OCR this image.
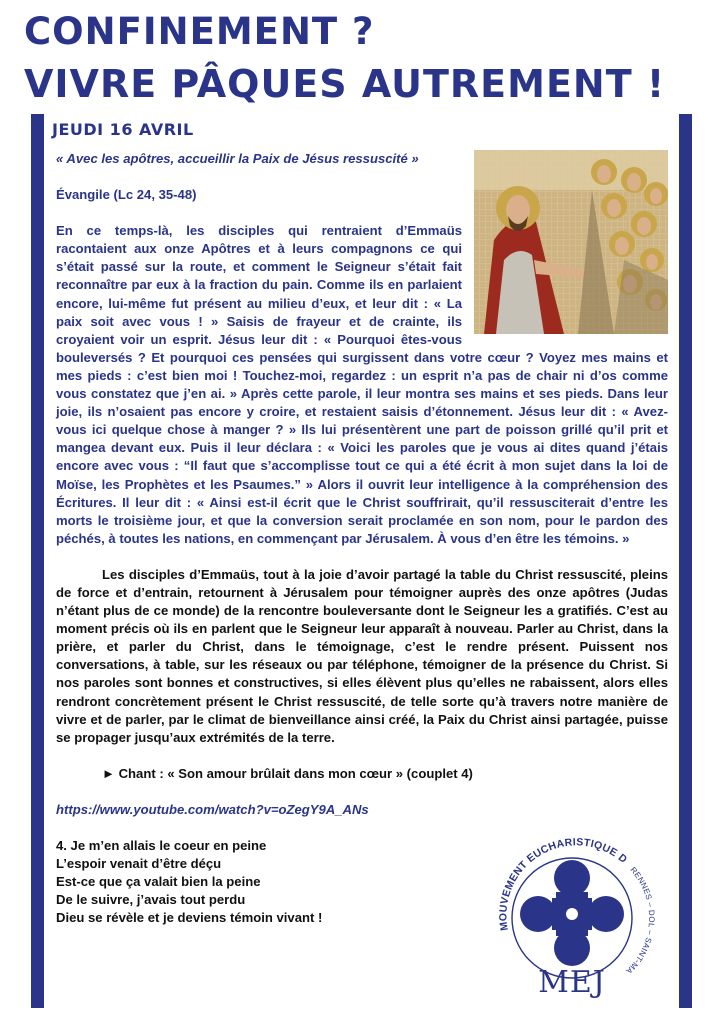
CONFINEMENT ?
VIVRE PÂQUES AUTREMENT !
JEUDI 16 AVRIL

« Avec les apôtres, accueillir la Paix de Jésus ressuscité »

Évangile (Lc 24, 35-48)

En ce temps-là, les disciples qui rentraient d’Emmaüs racontaient aux onze Apôtres et à leurs compagnons ce qui s’était passé sur la route, et comment le Seigneur s’était fait reconnaître par eux à la fraction du pain. Comme ils en parlaient encore, lui-même fut présent au milieu d’eux, et leur dit : « La paix soit avec vous ! » Saisis de frayeur et de crainte, ils croyaient voir un esprit. Jésus leur dit : « Pourquoi êtes-vous bouleversés ? Et pourquoi ces pensées qui surgissent dans votre cœur ? Voyez mes mains et mes pieds : c’est bien moi ! Touchez-moi, regardez : un esprit n’a pas de chair ni d’os comme vous constatez que j’en ai. » Après cette parole, il leur montra ses mains et ses pieds. Dans leur joie, ils n’osaient pas encore y croire, et restaient saisis d’étonnement. Jésus leur dit : « Avez-vous ici quelque chose à manger ? » Ils lui présentèrent une part de poisson grillé qu’il prit et mangea devant eux. Puis il leur déclara : « Voici les paroles que je vous ai dites quand j’étais encore avec vous : “Il faut que s’accomplisse tout ce qui a été écrit à mon sujet dans la loi de Moïse, les Prophètes et les Psaumes.” » Alors il ouvrit leur intelligence à la compréhension des Écritures. Il leur dit : « Ainsi est-il écrit que le Christ souffrirait, qu’il ressusciterait d’entre les morts le troisième jour, et que la conversion serait proclamée en son nom, pour le pardon des péchés, à toutes les nations, en commençant par Jérusalem. À vous d’en être les témoins. »

Les disciples d’Emmaüs, tout à la joie d’avoir partagé la table du Christ ressuscité, pleins de force et d’entrain, retournent à Jérusalem pour témoigner auprès des onze apôtres (Judas n’étant plus de ce monde) de la rencontre bouleversante dont le Seigneur les a gratifiés. C’est au moment précis où ils en parlent que le Seigneur leur apparaît à nouveau. Parler au Christ, dans la prière, et parler du Christ, dans le témoignage, c’est le rendre présent. Puissent nos conversations, à table, sur les réseaux ou par téléphone, témoigner de la présence du Christ. Si nos paroles sont bonnes et constructives, si elles élèvent plus qu’elles ne rabaissent, alors elles rendront concrètement présent le Christ ressuscité, de telle sorte qu’à travers notre manière de vivre et de parler, par le climat de bienveillance ainsi créé, la Paix du Christ ainsi partagée, puisse se propager jusqu’aux extrémités de la terre.

► Chant : « Son amour brûlait dans mon cœur » (couplet 4)

https://www.youtube.com/watch?v=oZegY9A_ANs

4. Je m’en allais le coeur en peine

L’espoir venait d’être déçu

Est-ce que ça valait bien la peine

De le suivre, j’avais tout perdu

Dieu se révèle et je deviens témoin vivant !

MOUVEMENT EUCHARISTIQUE D
RENNES – DOL – SAINT-MA
MEJ
